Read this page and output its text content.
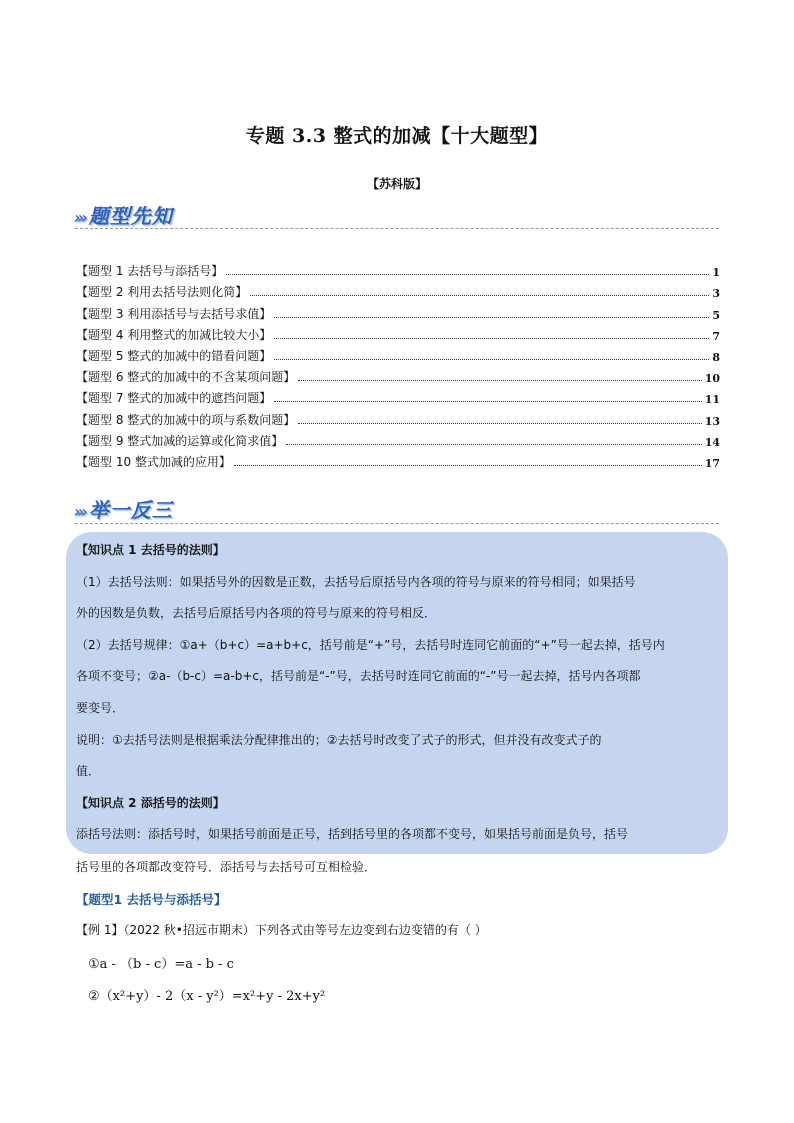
专题 3.3 整式的加减【十大题型】
【苏科版】
››› 题型先知
【题型 1 去括号与添括号】	1
【题型 2 利用去括号法则化简】	3
【题型 3 利用添括号与去括号求值】	5
【题型 4 利用整式的加减比较大小】	7
【题型 5 整式的加减中的错看问题】	8
【题型 6 整式的加减中的不含某项问题】	10
【题型 7 整式的加减中的遮挡问题】	11
【题型 8 整式的加减中的项与系数问题】	13
【题型 9 整式加减的运算或化简求值】	14
【题型 10 整式加减的应用】	17
››› 举一反三
【知识点 1 去括号的法则】
（1）去括号法则：如果括号外的因数是正数，去括号后原括号内各项的符号与原来的符号相同；如果括号
外的因数是负数，去括号后原括号内各项的符号与原来的符号相反．
（2）去括号规律：①a+（b+c）=a+b+c，括号前是“+”号，去括号时连同它前面的“+”号一起去掉，括号内
各项不变号；②a-（b-c）=a-b+c，括号前是“-”号，去括号时连同它前面的“-”号一起去掉，括号内各项都
要变号．
说明：①去括号法则是根据乘法分配律推出的；②去括号时改变了式子的形式，但并没有改变式子的
值．
【知识点 2 添括号的法则】
添括号法则：添括号时，如果括号前面是正号，括到括号里的各项都不变号，如果括号前面是负号，括号
括号里的各项都改变符号．添括号与去括号可互相检验．
【题型1 去括号与添括号】
【例 1】（2022 秋•招远市期末）下列各式由等号左边变到右边变错的有（ ）
①a - （b - c）=a - b - c
②（x²+y）- 2（x - y²）=x²+y - 2x+y²
